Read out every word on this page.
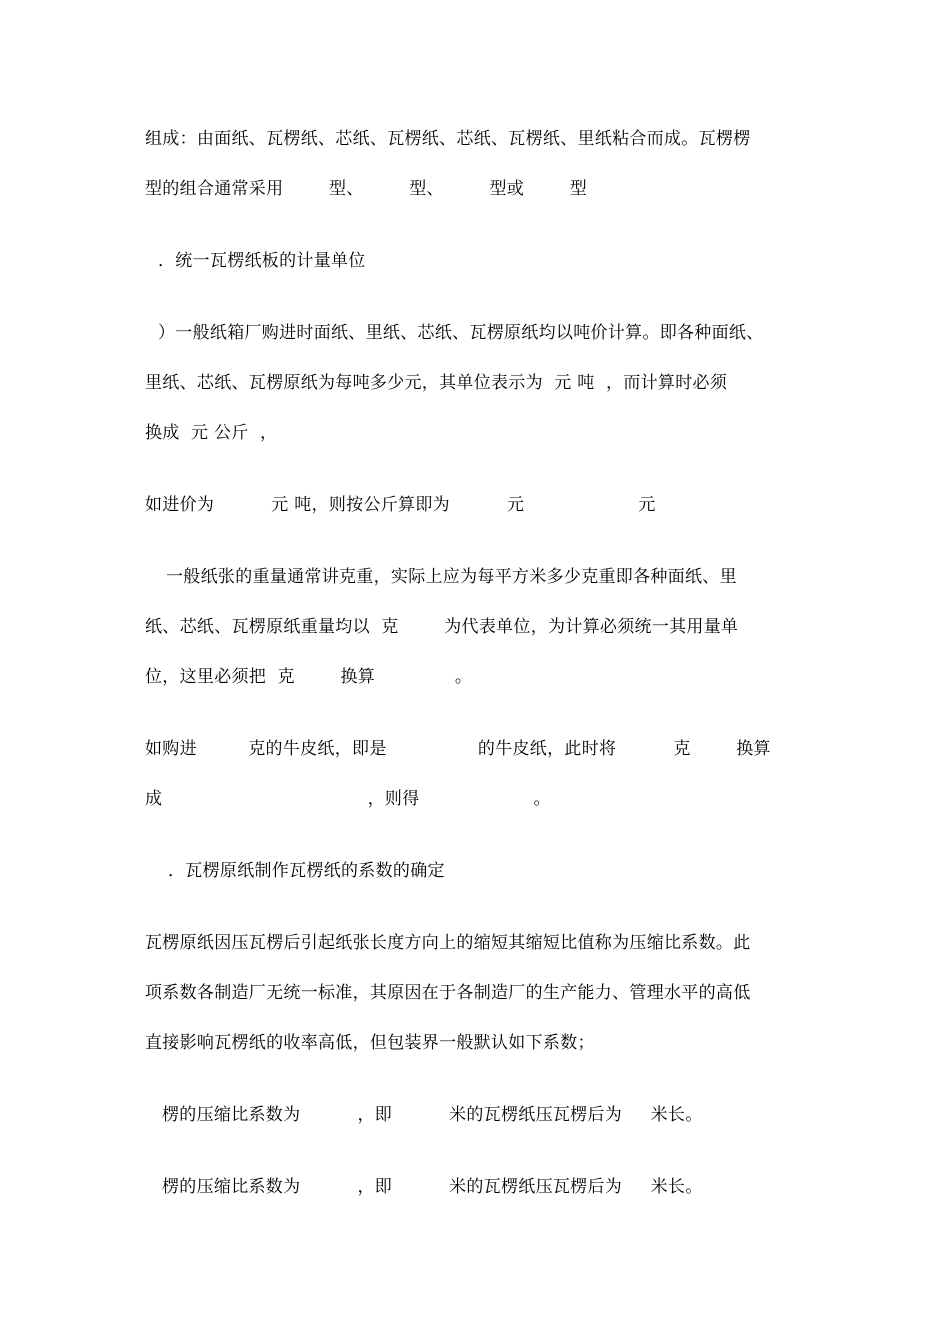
组成：由面纸、瓦楞纸、芯纸、瓦楞纸、芯纸、瓦楞纸、里纸粘合而成。瓦楞楞
型的组合通常采用        型、        型、        型或        型
．统一瓦楞纸板的计量单位
）一般纸箱厂购进时面纸、里纸、芯纸、瓦楞原纸均以吨价计算。即各种面纸、
里纸、芯纸、瓦楞原纸为每吨多少元，其单位表示为  元 吨  ，而计算时必须
换成  元 公斤  ，
如进价为          元 吨，则按公斤算即为          元                    元
一般纸张的重量通常讲克重，实际上应为每平方米多少克重即各种面纸、里
纸、芯纸、瓦楞原纸重量均以  克        为代表单位，为计算必须统一其用量单
位，这里必须把  克        换算              。
如购进         克的牛皮纸，即是                的牛皮纸，此时将          克        换算
成                                    ，则得                    。
．瓦楞原纸制作瓦楞纸的系数的确定
瓦楞原纸因压瓦楞后引起纸张长度方向上的缩短其缩短比值称为压缩比系数。此
项系数各制造厂无统一标准，其原因在于各制造厂的生产能力、管理水平的高低
直接影响瓦楞纸的收率高低，但包装界一般默认如下系数；
楞的压缩比系数为          ，即          米的瓦楞纸压瓦楞后为     米长。
楞的压缩比系数为          ，即          米的瓦楞纸压瓦楞后为     米长。
